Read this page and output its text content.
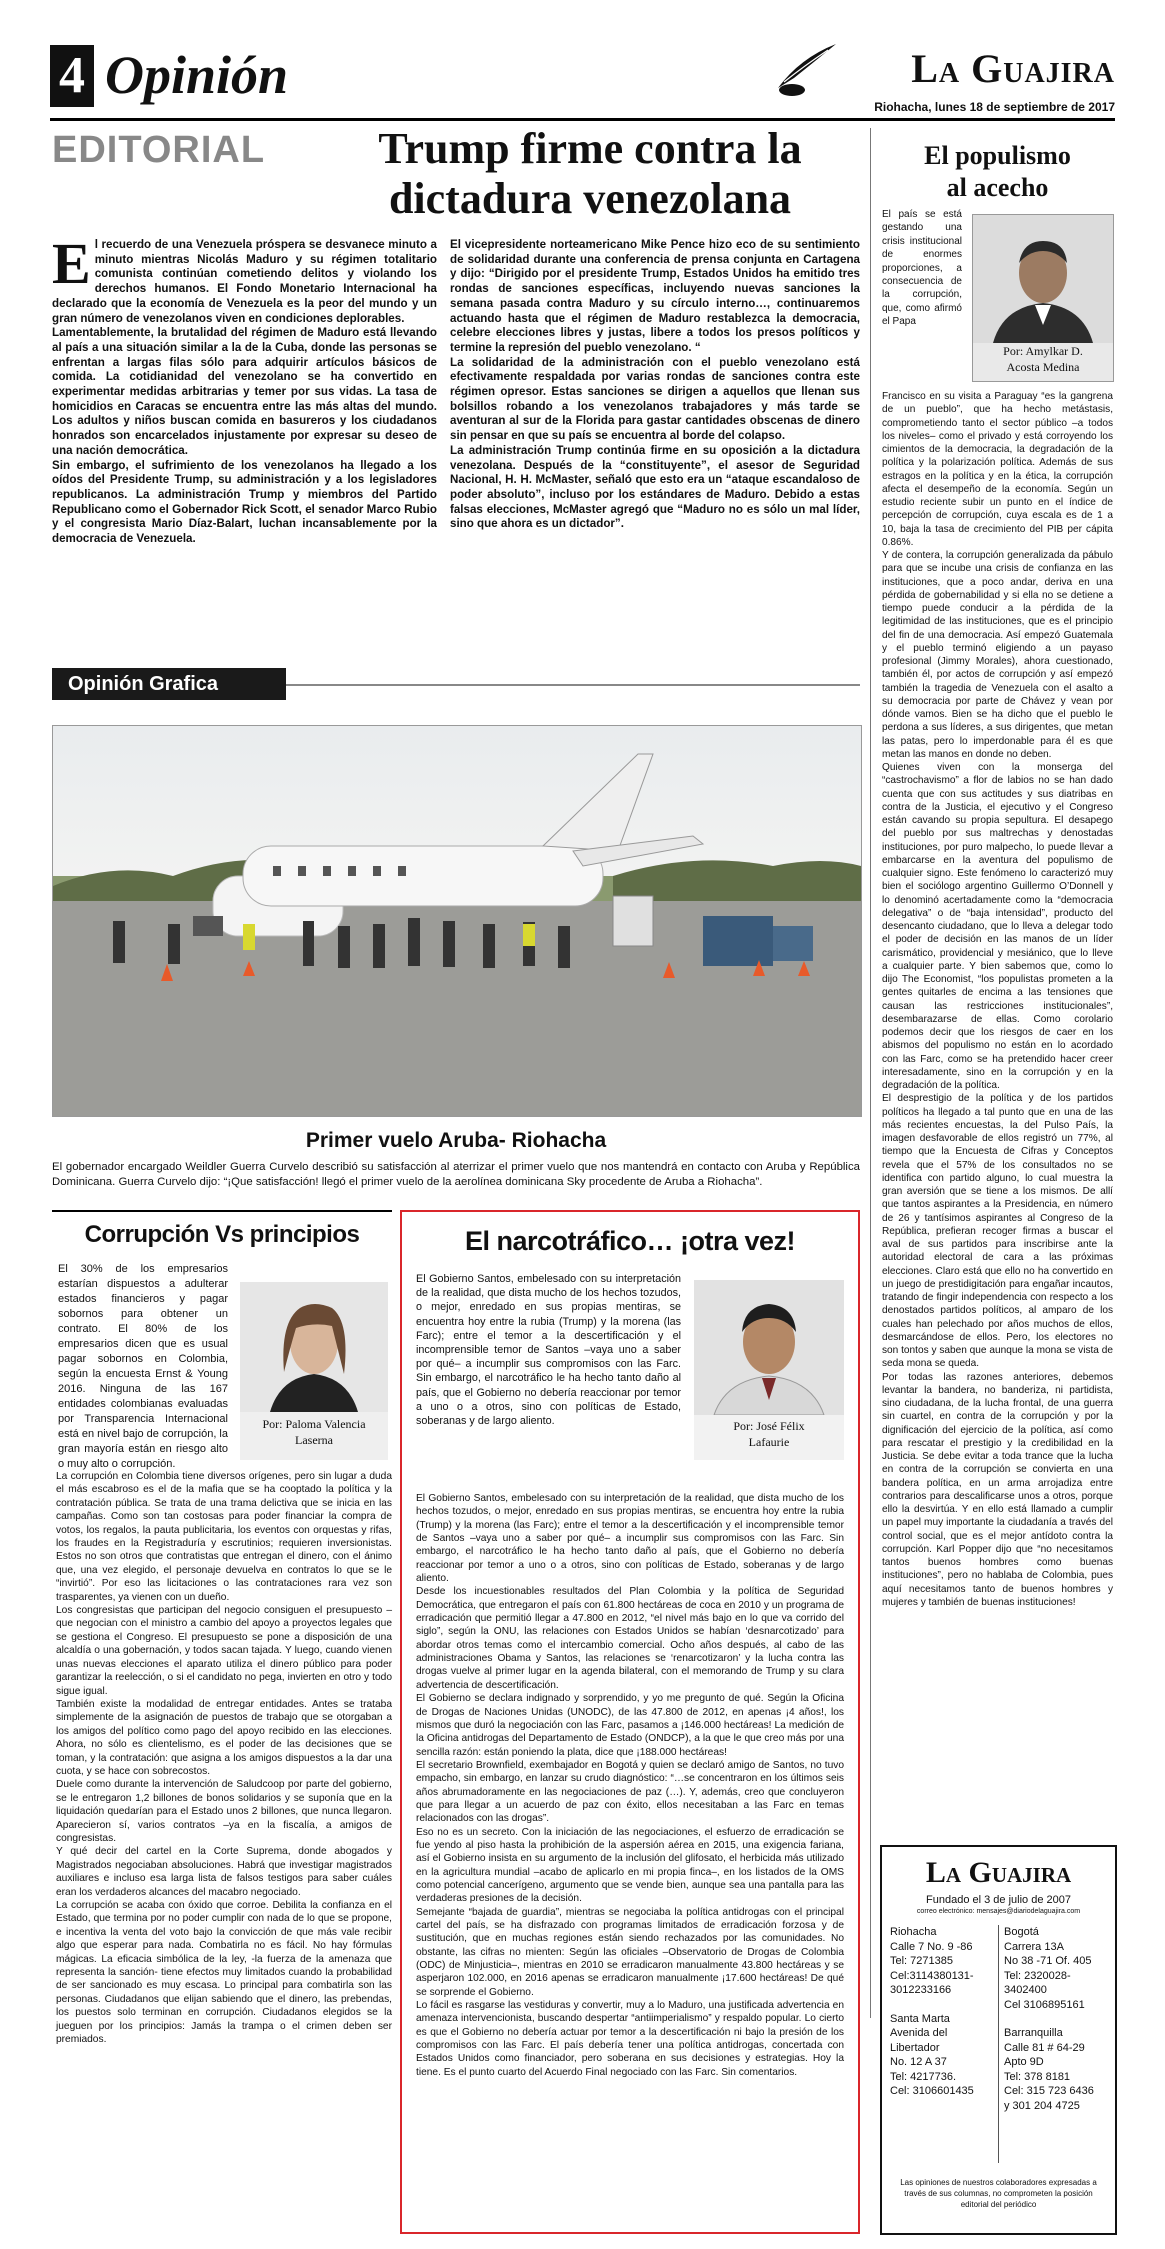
4 Opinión	La Guajira
Riohacha, lunes 18 de septiembre de 2017
EDITORIAL	Trump firme contra la
dictadura venezolana
E l recuerdo de una Venezuela próspera se desvanece minuto a minuto mientras Nicolás Maduro y su régimen totalitario comunista continúan cometiendo delitos y violando los derechos humanos. El Fondo Monetario Internacional ha declarado que la economía de Venezuela es la peor del mundo y un gran número de venezolanos viven en condiciones deplorables.

Lamentablemente, la brutalidad del régimen de Maduro está llevando al país a una situación similar a la de la Cuba, donde las personas se enfrentan a largas filas sólo para adquirir artículos básicos de comida. La cotidianidad del venezolano se ha convertido en experimentar medidas arbitrarias y temer por sus vidas. La tasa de homicidios en Caracas se encuentra entre las más altas del mundo. Los adultos y niños buscan comida en basureros y los ciudadanos honrados son encarcelados injustamente por expresar su deseo de una nación democrática.

Sin embargo, el sufrimiento de los venezolanos ha llegado a los oídos del Presidente Trump, su administración y a los legisladores republicanos. La administración Trump y miembros del Partido Republicano como el Gobernador Rick Scott, el senador Marco Rubio y el congresista Mario Díaz-Balart, luchan incansablemente por la democracia de Venezuela.

El vicepresidente norteamericano Mike Pence hizo eco de su sentimiento de solidaridad durante una conferencia de prensa conjunta en Cartagena y dijo: “Dirigido por el presidente Trump, Estados Unidos ha emitido tres rondas de sanciones específicas, incluyendo nuevas sanciones la semana pasada contra Maduro y su círculo interno…, continuaremos actuando hasta que el régimen de Maduro restablezca la democracia, celebre elecciones libres y justas, libere a todos los presos políticos y termine la represión del pueblo venezolano. “

La solidaridad de la administración con el pueblo venezolano está efectivamente respaldada por varias rondas de sanciones contra este régimen opresor. Estas sanciones se dirigen a aquellos que llenan sus bolsillos robando a los venezolanos trabajadores y más tarde se aventuran al sur de la Florida para gastar cantidades obscenas de dinero sin pensar en que su país se encuentra al borde del colapso.

La administración Trump continúa firme en su oposición a la dictadura venezolana. Después de la “constituyente”, el asesor de Seguridad Nacional, H. H. McMaster, señaló que esto era un “ataque escandaloso de poder absoluto”, incluso por los estándares de Maduro. Debido a estas falsas elecciones, McMaster agregó que “Maduro no es sólo un mal líder, sino que ahora es un dictador”.

Opinión Grafica
Primer vuelo Aruba- Riohacha
El gobernador encargado Weildler Guerra Curvelo describió su satisfacción al aterrizar el primer vuelo que nos mantendrá en contacto con Aruba y República Dominicana. Guerra Curvelo dijo: “¡Que satisfacción! llegó el primer vuelo de la aerolínea dominicana Sky procedente de Aruba a Riohacha”.
El populismo
al acecho
El país se está gestando una crisis institucional de enormes proporciones, a consecuencia de la corrupción, que, como afirmó el Papa
Por: Amylkar D.
Acosta Medina

Francisco en su visita a Paraguay “es la gangrena de un pueblo”, que ha hecho metástasis, comprometiendo tanto el sector público –a todos los niveles– como el privado y está corroyendo los cimientos de la democracia, la degradación de la política y la polarización política. Además de sus estragos en la política y en la ética, la corrupción afecta el desempeño de la economía. Según un estudio reciente subir un punto en el índice de percepción de corrupción, cuya escala es de 1 a 10, baja la tasa de crecimiento del PIB per cápita 0.86%.

Y de contera, la corrupción generalizada da pábulo para que se incube una crisis de confianza en las instituciones, que a poco andar, deriva en una pérdida de gobernabilidad y si ella no se detiene a tiempo puede conducir a la pérdida de la legitimidad de las instituciones, que es el principio del fin de una democracia. Así empezó Guatemala y el pueblo terminó eligiendo a un payaso profesional (Jimmy Morales), ahora cuestionado, también él, por actos de corrupción y así empezó también la tragedia de Venezuela con el asalto a su democracia por parte de Chávez y vean por dónde vamos. Bien se ha dicho que el pueblo le perdona a sus líderes, a sus dirigentes, que metan las patas, pero lo imperdonable para él es que metan las manos en donde no deben.

Quienes viven con la monserga del “castrochavismo” a flor de labios no se han dado cuenta que con sus actitudes y sus diatribas en contra de la Justicia, el ejecutivo y el Congreso están cavando su propia sepultura. El desapego del pueblo por sus maltrechas y denostadas instituciones, por puro malpecho, lo puede llevar a embarcarse en la aventura del populismo de cualquier signo. Este fenómeno lo caracterizó muy bien el sociólogo argentino Guillermo O’Donnell y lo denominó acertadamente como la “democracia delegativa” o de “baja intensidad”, producto del desencanto ciudadano, que lo lleva a delegar todo el poder de decisión en las manos de un líder carismático, providencial y mesiánico, que lo lleve a cualquier parte. Y bien sabemos que, como lo dijo The Economist, “los populistas prometen a la gentes quitarles de encima a las tensiones que causan las restricciones institucionales”, desembarazarse de ellas. Como corolario podemos decir que los riesgos de caer en los abismos del populismo no están en lo acordado con las Farc, como se ha pretendido hacer creer interesadamente, sino en la corrupción y en la degradación de la política.

El desprestigio de la política y de los partidos políticos ha llegado a tal punto que en una de las más recientes encuestas, la del Pulso País, la imagen desfavorable de ellos registró un 77%, al tiempo que la Encuesta de Cifras y Conceptos revela que el 57% de los consultados no se identifica con partido alguno, lo cual muestra la gran aversión que se tiene a los mismos. De allí que tantos aspirantes a la Presidencia, en número de 26 y tantísimos aspirantes al Congreso de la República, prefieran recoger firmas a buscar el aval de sus partidos para inscribirse ante la autoridad electoral de cara a las próximas elecciones. Claro está que ello no ha convertido en un juego de prestidigitación para engañar incautos, tratando de fingir independencia con respecto a los denostados partidos políticos, al amparo de los cuales han pelechado por años muchos de ellos, desmarcándose de ellos. Pero, los electores no son tontos y saben que aunque la mona se vista de seda mona se queda.

Por todas las razones anteriores, debemos levantar la bandera, no banderiza, ni partidista, sino ciudadana, de la lucha frontal, de una guerra sin cuartel, en contra de la corrupción y por la dignificación del ejercicio de la política, así como para rescatar el prestigio y la credibilidad en la Justicia. Se debe evitar a toda trance que la lucha en contra de la corrupción se convierta en una bandera política, en un arma arrojadiza entre contrarios para descalificarse unos a otros, porque ello la desvirtúa. Y en ello está llamado a cumplir un papel muy importante la ciudadanía a través del control social, que es el mejor antídoto contra la corrupción. Karl Popper dijo que “no necesitamos tantos buenos hombres como buenas instituciones”, pero no hablaba de Colombia, pues aquí necesitamos tanto de buenos hombres y mujeres y también de buenas instituciones!

La Guajira
Fundado el 3 de julio de 2007
correo electrónico: mensajes@diariodelaguajira.com
Riohacha
Calle 7 No. 9 -86
Tel: 7271385
Cel:3114380131-
3012233166
Santa Marta
Avenida del
Libertador
No. 12 A 37
Tel: 4217736.
Cel: 3106601435
Bogotá
Carrera 13A
No 38 -71 Of. 405
Tel: 2320028-
3402400
Cel 3106895161
Barranquilla
Calle 81 # 64-29
Apto 9D
Tel: 378 8181
Cel: 315 723 6436
y 301 204 4725
Las opiniones de nuestros colaboradores expresadas a través de sus columnas, no comprometen la posición editorial del periódico
Corrupción Vs principios
El 30% de los empresarios estarían dispuestos a adulterar estados financieros y pagar sobornos para obtener un contrato. El 80% de los empresarios dicen que es usual pagar sobornos en Colombia, según la encuesta Ernst & Young 2016. Ninguna de las 167 entidades colombianas evaluadas por Transparencia Internacional está en nivel bajo de corrupción, la gran mayoría están en riesgo alto o muy alto o corrupción.
Por: Paloma Valencia
Laserna

La corrupción en Colombia tiene diversos orígenes, pero sin lugar a duda el más escabroso es el de la mafia que se ha cooptado la política y la contratación pública. Se trata de una trama delictiva que se inicia en las campañas. Como son tan costosas para poder financiar la compra de votos, los regalos, la pauta publicitaria, los eventos con orquestas y rifas, los fraudes en la Registraduría y escrutinios; requieren inversionistas. Estos no son otros que contratistas que entregan el dinero, con el ánimo que, una vez elegido, el personaje devuelva en contratos lo que se le “invirtió”. Por eso las licitaciones o las contrataciones rara vez son trasparentes, ya vienen con un dueño.

Los congresistas que participan del negocio consiguen el presupuesto –que negocian con el ministro a cambio del apoyo a proyectos legales que se gestiona el Congreso. El presupuesto se pone a disposición de una alcaldía o una gobernación, y todos sacan tajada. Y luego, cuando vienen unas nuevas elecciones el aparato utiliza el dinero público para poder garantizar la reelección, o si el candidato no pega, invierten en otro y todo sigue igual.

También existe la modalidad de entregar entidades. Antes se trataba simplemente de la asignación de puestos de trabajo que se otorgaban a los amigos del político como pago del apoyo recibido en las elecciones. Ahora, no sólo es clientelismo, es el poder de las decisiones que se toman, y la contratación: que asigna a los amigos dispuestos a la dar una cuota, y se hace con sobrecostos.

Duele como durante la intervención de Saludcoop por parte del gobierno, se le entregaron 1,2 billones de bonos solidarios y se suponía que en la liquidación quedarían para el Estado unos 2 billones, que nunca llegaron. Aparecieron sí, varios contratos –ya en la fiscalía, a amigos de congresistas.

Y qué decir del cartel en la Corte Suprema, donde abogados y Magistrados negociaban absoluciones. Habrá que investigar magistrados auxiliares e incluso esa larga lista de falsos testigos para saber cuáles eran los verdaderos alcances del macabro negociado.

La corrupción se acaba con óxido que corroe. Debilita la confianza en el Estado, que termina por no poder cumplir con nada de lo que se propone, e incentiva la venta del voto bajo la convicción de que más vale recibir algo que esperar para nada. Combatirla no es fácil. No hay fórmulas mágicas. La eficacia simbólica de la ley, -la fuerza de la amenaza que representa la sanción- tiene efectos muy limitados cuando la probabilidad de ser sancionado es muy escasa. Lo principal para combatirla son las personas. Ciudadanos que elijan sabiendo que el dinero, las prebendas, los puestos solo terminan en corrupción. Ciudadanos elegidos se la jueguen por los principios: Jamás la trampa o el crimen deben ser premiados.

El narcotráfico… ¡otra vez!
El Gobierno Santos, embelesado con su interpretación de la realidad, que dista mucho de los hechos tozudos, o mejor, enredado en sus propias mentiras, se encuentra hoy entre la rubia (Trump) y la morena (las Farc); entre el temor a la descertificación y el incomprensible temor de Santos –vaya uno a saber por qué– a incumplir sus compromisos con las Farc. Sin embargo, el narcotráfico le ha hecho tanto daño al país, que el Gobierno no debería reaccionar por temor a uno o a otros, sino con políticas de Estado, soberanas y de largo aliento.	Por: José Félix
Lafaurie

El Gobierno Santos, embelesado con su interpretación de la realidad, que dista mucho de los hechos tozudos, o mejor, enredado en sus propias mentiras, se encuentra hoy entre la rubia (Trump) y la morena (las Farc); entre el temor a la descertificación y el incomprensible temor de Santos –vaya uno a saber por qué– a incumplir sus compromisos con las Farc. Sin embargo, el narcotráfico le ha hecho tanto daño al país, que el Gobierno no debería reaccionar por temor a uno o a otros, sino con políticas de Estado, soberanas y de largo aliento.

Desde los incuestionables resultados del Plan Colombia y la política de Seguridad Democrática, que entregaron el país con 61.800 hectáreas de coca en 2010 y un programa de erradicación que permitió llegar a 47.800 en 2012, “el nivel más bajo en lo que va corrido del siglo”, según la ONU, las relaciones con Estados Unidos se habían ‘desnarcotizado’ para abordar otros temas como el intercambio comercial. Ocho años después, al cabo de las administraciones Obama y Santos, las relaciones se ‘renarcotizaron’ y la lucha contra las drogas vuelve al primer lugar en la agenda bilateral, con el memorando de Trump y su clara advertencia de descertificación.

El Gobierno se declara indignado y sorprendido, y yo me pregunto de qué. Según la Oficina de Drogas de Naciones Unidas (UNODC), de las 47.800 de 2012, en apenas ¡4 años!, los mismos que duró la negociación con las Farc, pasamos a ¡146.000 hectáreas! La medición de la Oficina antidrogas del Departamento de Estado (ONDCP), a la que le que creo más por una sencilla razón: están poniendo la plata, dice que ¡188.000 hectáreas!

El secretario Brownfield, exembajador en Bogotá y quien se declaró amigo de Santos, no tuvo empacho, sin embargo, en lanzar su crudo diagnóstico: “…se concentraron en los últimos seis años abrumadoramente en las negociaciones de paz (…). Y, además, creo que concluyeron que para llegar a un acuerdo de paz con éxito, ellos necesitaban a las Farc en temas relacionados con las drogas”.

Eso no es un secreto. Con la iniciación de las negociaciones, el esfuerzo de erradicación se fue yendo al piso hasta la prohibición de la aspersión aérea en 2015, una exigencia fariana, así el Gobierno insista en su argumento de la inclusión del glifosato, el herbicida más utilizado en la agricultura mundial –acabo de aplicarlo en mi propia finca–, en los listados de la OMS como potencial cancerígeno, argumento que se vende bien, aunque sea una pantalla para las verdaderas presiones de la decisión.

Semejante “bajada de guardia”, mientras se negociaba la política antidrogas con el principal cartel del país, se ha disfrazado con programas limitados de erradicación forzosa y de sustitución, que en muchas regiones están siendo rechazados por las comunidades. No obstante, las cifras no mienten: Según las oficiales –Observatorio de Drogas de Colombia (ODC) de Minjusticia–, mientras en 2010 se erradicaron manualmente 43.800 hectáreas y se asperjaron 102.000, en 2016 apenas se erradicaron manualmente ¡17.600 hectáreas! De qué se sorprende el Gobierno.

Lo fácil es rasgarse las vestiduras y convertir, muy a lo Maduro, una justificada advertencia en amenaza intervencionista, buscando despertar “antiimperialismo” y respaldo popular. Lo cierto es que el Gobierno no debería actuar por temor a la descertificación ni bajo la presión de los compromisos con las Farc. El país debería tener una política antidrogas, concertada con Estados Unidos como financiador, pero soberana en sus decisiones y estrategias. Hoy la tiene. Es el punto cuarto del Acuerdo Final negociado con las Farc. Sin comentarios.
